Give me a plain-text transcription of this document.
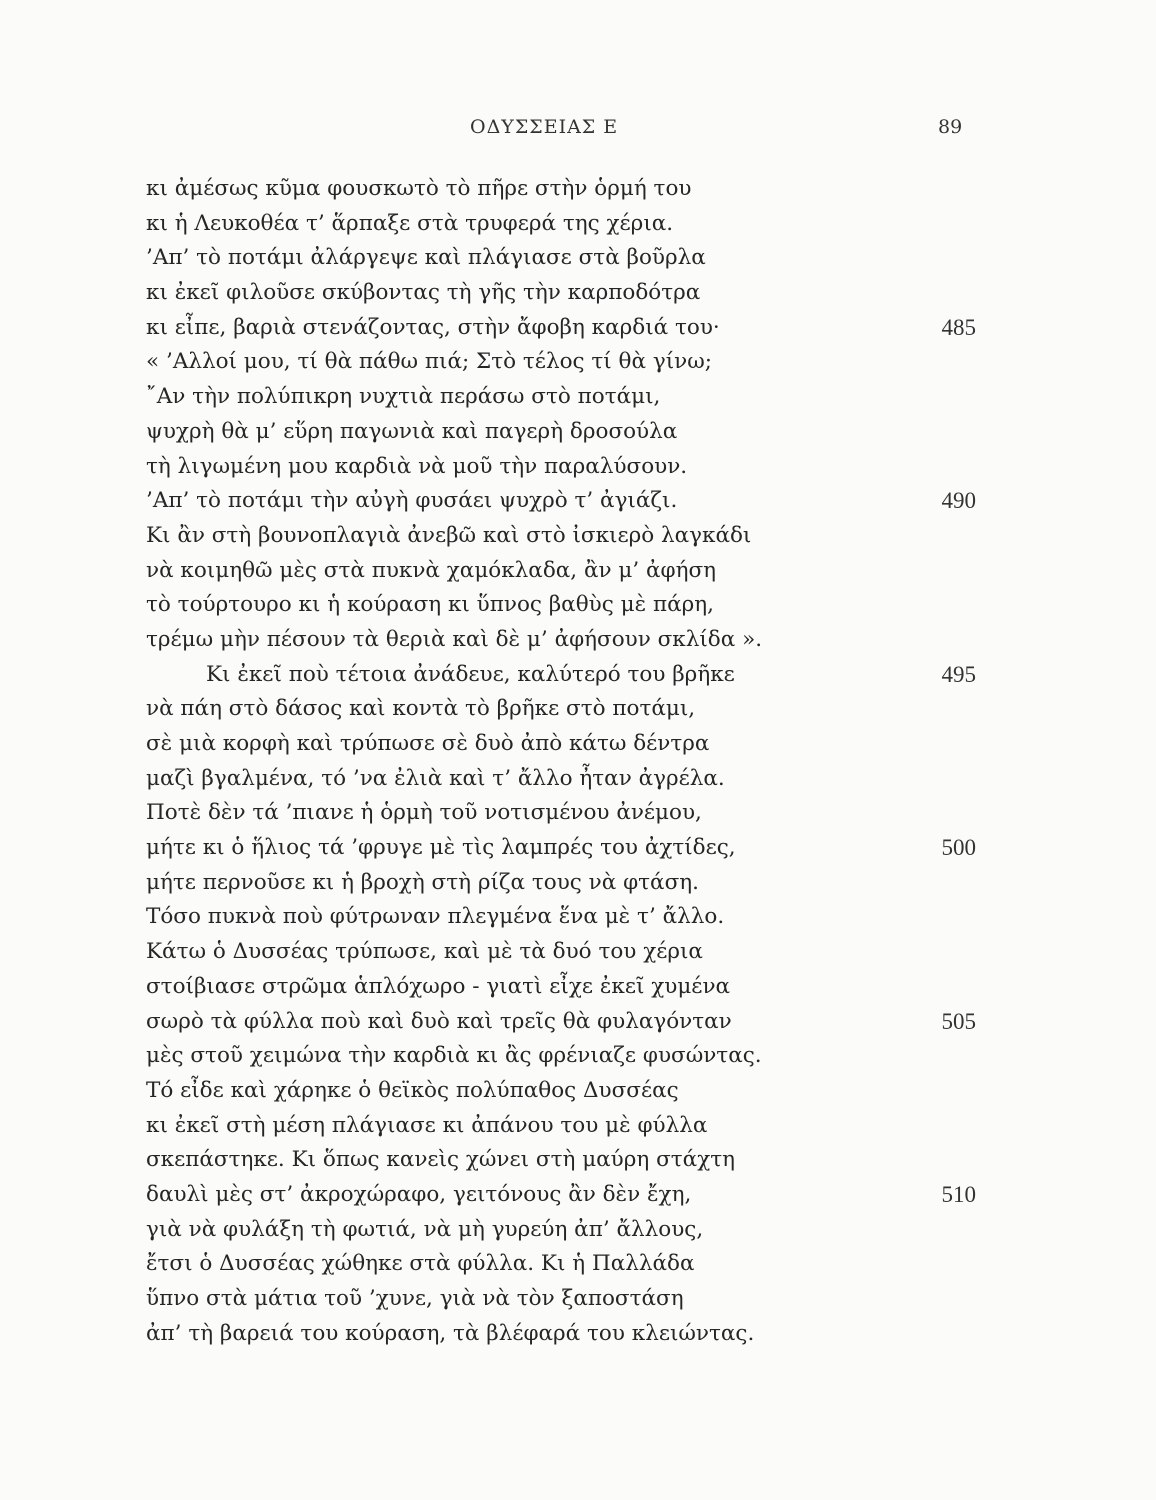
ΟΔΥΣΣΕΙΑΣ Ε	89
κι ἀμέσως κῦμα φουσκωτὸ τὸ πῆρε στὴν ὁρμή του
κι ἡ Λευκοθέα τ’ ἅρπαξε στὰ τρυφερά της χέρια.
’Απ’ τὸ ποτάμι ἀλάργεψε καὶ πλάγιασε στὰ βοῦρλα
κι ἐκεῖ φιλοῦσε σκύβοντας τὴ γῆς τὴν καρποδότρα
κι εἶπε, βαριὰ στενάζοντας, στὴν ἄφοβη καρδιά του·	485
« ’Αλλοί μου, τί θὰ πάθω πιά; Στὸ τέλος τί θὰ γίνω;
῎Αν τὴν πολύπικρη νυχτιὰ περάσω στὸ ποτάμι,
ψυχρὴ θὰ μ’ εὕρη παγωνιὰ καὶ παγερὴ δροσούλα
τὴ λιγωμένη μου καρδιὰ νὰ μοῦ τὴν παραλύσουν.
’Απ’ τὸ ποτάμι τὴν αὐγὴ φυσάει ψυχρὸ τ’ ἀγιάζι.	490
Κι ἂν στὴ βουνοπλαγιὰ ἀνεβῶ καὶ στὸ ἰσκιερὸ λαγκάδι
νὰ κοιμηθῶ μὲς στὰ πυκνὰ χαμόκλαδα, ἂν μ’ ἀφήση
τὸ τούρτουρο κι ἡ κούραση κι ὕπνος βαθὺς μὲ πάρη,
τρέμω μὴν πέσουν τὰ θεριὰ καὶ δὲ μ’ ἀφήσουν σκλίδα ».
Κι ἐκεῖ ποὺ τέτοια ἀνάδευε, καλύτερό του βρῆκε	495
νὰ πάη στὸ δάσος καὶ κοντὰ τὸ βρῆκε στὸ ποτάμι,
σὲ μιὰ κορφὴ καὶ τρύπωσε σὲ δυὸ ἀπὸ κάτω δέντρα
μαζὶ βγαλμένα, τό ’να ἐλιὰ καὶ τ’ ἄλλο ἦταν ἀγρέλα.
Ποτὲ δὲν τά ’πιανε ἡ ὁρμὴ τοῦ νοτισμένου ἀνέμου,
μήτε κι ὁ ἥλιος τά ’φρυγε μὲ τὶς λαμπρές του ἀχτίδες,	500
μήτε περνοῦσε κι ἡ βροχὴ στὴ ρίζα τους νὰ φτάση.
Τόσο πυκνὰ ποὺ φύτρωναν πλεγμένα ἕνα μὲ τ’ ἄλλο.
Κάτω ὁ Δυσσέας τρύπωσε, καὶ μὲ τὰ δυό του χέρια
στοίβιασε στρῶμα ἁπλόχωρο - γιατὶ εἶχε ἐκεῖ χυμένα
σωρὸ τὰ φύλλα ποὺ καὶ δυὸ καὶ τρεῖς θὰ φυλαγόνταν	505
μὲς στοῦ χειμώνα τὴν καρδιὰ κι ἂς φρένιαζε φυσώντας.
Τό εἶδε καὶ χάρηκε ὁ θεϊκὸς πολύπαθος Δυσσέας
κι ἐκεῖ στὴ μέση πλάγιασε κι ἀπάνου του μὲ φύλλα
σκεπάστηκε. Κι ὅπως κανεὶς χώνει στὴ μαύρη στάχτη
δαυλὶ μὲς στ’ ἀκροχώραφο, γειτόνους ἂν δὲν ἔχη,	510
γιὰ νὰ φυλάξη τὴ φωτιά, νὰ μὴ γυρεύη ἀπ’ ἄλλους,
ἔτσι ὁ Δυσσέας χώθηκε στὰ φύλλα. Κι ἡ Παλλάδα
ὕπνο στὰ μάτια τοῦ ’χυνε, γιὰ νὰ τὸν ξαποστάση
ἀπ’ τὴ βαρειά του κούραση, τὰ βλέφαρά του κλειώντας.
